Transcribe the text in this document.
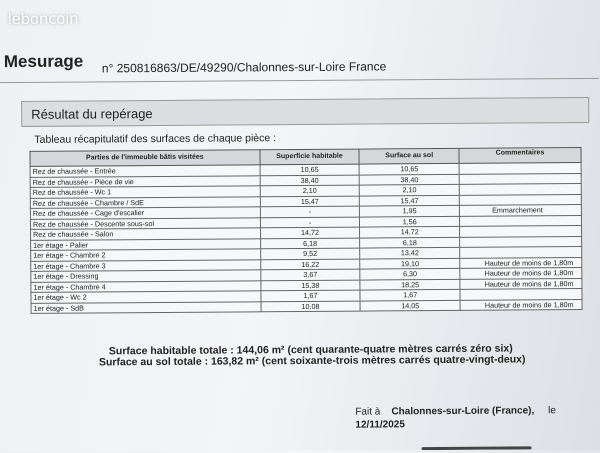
leboncoin
Mesurage n° 250816863/DE/49290/Chalonnes-sur-Loire France
Résultat du repérage
Tableau récapitulatif des surfaces de chaque pièce :
Parties de l'immeuble bâtis visitées	Superficie habitable	Surface au sol	Commentaires
Rez de chaussée - Entrée	10,65	10,65	
Rez de chaussée - Pièce de vie	38,40	38,40	
Rez de chaussée - Wc 1	2,10	2,10	
Rez de chaussée - Chambre / SdE	15,47	15,47	
Rez de chaussée - Cage d'escalier	-	1,95	Emmarchement
Rez de chaussée - Descente sous-sol	-	1,56	
Rez de chaussée - Salon	14,72	14,72	
1er étage - Palier	6,18	6,18	
1er étage - Chambre 2	9,52	13,42	
1er étage - Chambre 3	16,22	19,10	Hauteur de moins de 1,80m
1er étage - Dressing	3,67	6,30	Hauteur de moins de 1,80m
1er étage - Chambre 4	15,38	18,25	Hauteur de moins de 1,80m
1er étage - Wc 2	1,67	1,67	
1er étage - SdB	10,08	14,05	Hauteur de moins de 1,80m
Surface habitable totale : 144,06 m² (cent quarante-quatre mètres carrés zéro six)
Surface au sol totale : 163,82 m² (cent soixante-trois mètres carrés quatre-vingt-deux)
Fait à Chalonnes-sur-Loire (France), le
12/11/2025
